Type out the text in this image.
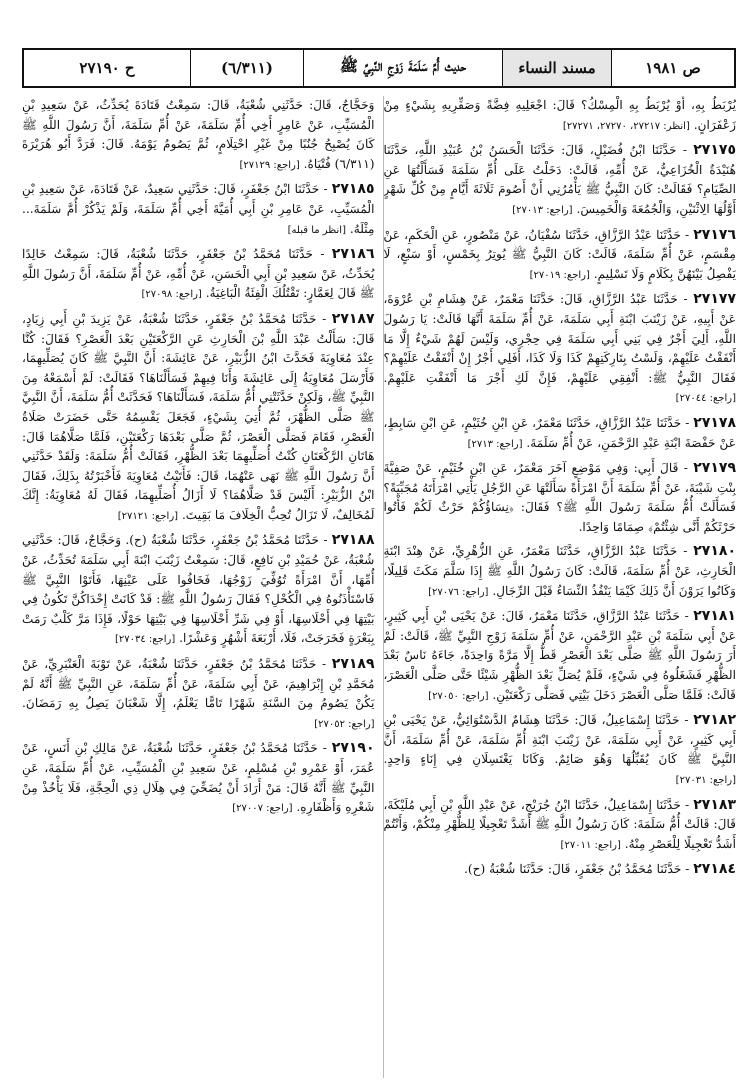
ص ١٩٨١
مسند النساء
حديث أُمِّ سَلَمَةَ زَوْجِ النَّبِيِّ ﷺ
(٦/٣١١)
ح ٢٧١٩٠

يُرْبَطُ بِهِ، أَوْ يُرْبَطُ بِهِ الْمِسْكُ؟ قَالَ: اجْعَلِيهِ فِضَّةً وَصَفِّرِيهِ بِشَيْءٍ مِنْ زَعْفَرَانٍ. [انظر: ٢٧٢١٧، ٢٧٢٧٠، ٢٧٢٧١]

٢٧١٧٥ - حَدَّثَنَا ابْنُ فُضَيْلٍ، قَالَ: حَدَّثَنَا الْحَسَنُ بْنُ عُبَيْدِ اللَّهِ، حَدَّثَنَا هُنَيْدَةُ الْخُزَاعِيُّ، عَنْ أُمِّهِ، قَالَتْ: دَخَلْتُ عَلَى أُمِّ سَلَمَةَ فَسَأَلْتُهَا عَنِ الصِّيَامِ؟ فَقَالَتْ: كَانَ النَّبِيُّ ﷺ يَأْمُرُنِي أَنْ أَصُومَ ثَلَاثَةَ أَيَّامٍ مِنْ كُلِّ شَهْرٍ أَوَّلُهَا الِاثْنَيْنِ، وَالْجُمُعَةَ وَالْخَمِيسَ. [راجع: ٢٧٠١٣]

٢٧١٧٦ - حَدَّثَنَا عَبْدُ الرَّزَّاقِ، حَدَّثَنَا سُفْيَانُ، عَنْ مَنْصُورٍ، عَنِ الْحَكَمِ، عَنْ مِقْسَمٍ، عَنْ أُمِّ سَلَمَةَ، قَالَتْ: كَانَ النَّبِيُّ ﷺ يُوتِرُ بِخَمْسٍ، أَوْ سَبْعٍ، لَا يَفْصِلُ بَيْنَهُنَّ بِكَلَامٍ وَلَا تَسْلِيمٍ. [راجع: ٢٧٠١٩]

٢٧١٧٧ - حَدَّثَنَا عَبْدُ الرَّزَّاقِ، قَالَ: حَدَّثَنَا مَعْمَرٌ، عَنْ هِشَامِ بْنِ عُرْوَةَ، عَنْ أَبِيهِ، عَنْ زَيْنَبَ ابْنَةِ أَبِي سَلَمَةَ، عَنْ أُمِّ سَلَمَةَ أَنَّهَا قَالَتْ: يَا رَسُولَ اللَّهِ، أَلِيَ أَجْرٌ فِي بَنِي أَبِي سَلَمَةَ فِي حِجْرِي، وَلَيْسَ لَهُمْ شَيْءٌ إِلَّا مَا أَنْفَقْتُ عَلَيْهِمْ، وَلَسْتُ بِتَارِكَتِهِمْ كَذَا وَلَا كَذَا، أَفَلِي أَجْرٌ إِنْ أَنْفَقْتُ عَلَيْهِمْ؟ فَقَالَ النَّبِيُّ ﷺ: أَنْفِقِي عَلَيْهِمْ، فَإِنَّ لَكِ أَجْرَ مَا أَنْفَقْتِ عَلَيْهِمْ. [راجع: ٢٧٠٤٤]

٢٧١٧٨ - حَدَّثَنَا عَبْدُ الرَّزَّاقِ، حَدَّثَنَا مَعْمَرٌ، عَنِ ابْنِ خُثَيْمٍ، عَنِ ابْنِ سَابِطٍ، عَنْ حَفْصَةَ ابْنَةِ عَبْدِ الرَّحْمَنِ، عَنْ أُمِّ سَلَمَةَ. [راجع: ٢٧١٣]

٢٧١٧٩ - قَالَ أَبِي: وَفِي مَوْضِعٍ آخَرَ مَعْمَرٌ، عَنِ ابْنِ خُثَيْمٍ، عَنْ صَفِيَّةَ بِنْتِ شَيْبَةَ، عَنْ أُمِّ سَلَمَةَ أَنَّ امْرَأَةً سَأَلَتْهَا عَنِ الرَّجُلِ يَأْتِي امْرَأَتَهُ مُجَبِّيَةً؟ فَسَأَلَتْ أُمُّ سَلَمَةَ رَسُولَ اللَّهِ ﷺ؟ فَقَالَ: ﴿نِسَاؤُكُمْ حَرْثٌ لَكُمْ فَأْتُوا حَرْثَكُمْ أَنَّى شِئْتُمْ﴾ صِمَامًا وَاحِدًا.

٢٧١٨٠ - حَدَّثَنَا عَبْدُ الرَّزَّاقِ، حَدَّثَنَا مَعْمَرٌ، عَنِ الزُّهْرِيِّ، عَنْ هِنْدَ ابْنَةِ الْحَارِثِ، عَنْ أُمِّ سَلَمَةَ، قَالَتْ: كَانَ رَسُولُ اللَّهِ ﷺ إِذَا سَلَّمَ مَكَثَ قَلِيلًا، وَكَانُوا يَرَوْنَ أَنَّ ذَلِكَ كَيْمَا يَنْفُذُ النِّسَاءُ قَبْلَ الرِّجَالِ. [راجع: ٢٧٠٧٦]

٢٧١٨١ - حَدَّثَنَا عَبْدُ الرَّزَّاقِ، حَدَّثَنَا مَعْمَرٌ، قَالَ: عَنْ يَحْيَى بْنِ أَبِي كَثِيرٍ، عَنْ أَبِي سَلَمَةَ بْنِ عَبْدِ الرَّحْمَنِ، عَنْ أُمِّ سَلَمَةَ زَوْجِ النَّبِيِّ ﷺ، قَالَتْ: لَمْ أَرَ رَسُولَ اللَّهِ ﷺ صَلَّى بَعْدَ الْعَصْرِ قَطُّ إِلَّا مَرَّةً وَاحِدَةً، جَاءَهُ نَاسٌ بَعْدَ الظُّهْرِ فَشَغَلُوهُ فِي شَيْءٍ، فَلَمْ يُصَلِّ بَعْدَ الظُّهْرِ شَيْئًا حَتَّى صَلَّى الْعَصْرَ، قَالَتْ: فَلَمَّا صَلَّى الْعَصْرَ دَخَلَ بَيْتِي فَصَلَّى رَكْعَتَيْنِ. [راجع: ٢٧٠٥٠]

٢٧١٨٢ - حَدَّثَنَا إِسْمَاعِيلُ، قَالَ: حَدَّثَنَا هِشَامٌ الدَّسْتُوَائِيُّ، عَنْ يَحْيَى بْنِ أَبِي كَثِيرٍ، عَنْ أَبِي سَلَمَةَ، عَنْ زَيْنَبَ ابْنَةِ أُمِّ سَلَمَةَ، عَنْ أُمِّ سَلَمَةَ، أَنَّ النَّبِيَّ ﷺ كَانَ يُقَبِّلُهَا وَهُوَ صَائِمٌ. وَكَانَا يَغْتَسِلَانِ فِي إِنَاءٍ وَاحِدٍ. [راجع: ٢٧٠٣١]

٢٧١٨٣ - حَدَّثَنَا إِسْمَاعِيلُ، حَدَّثَنَا ابْنُ جُرَيْجٍ، عَنْ عَبْدِ اللَّهِ بْنِ أَبِي مُلَيْكَةَ، قَالَ: قَالَتْ أُمُّ سَلَمَةَ: كَانَ رَسُولُ اللَّهِ ﷺ أَشَدَّ تَعْجِيلًا لِلظُّهْرِ مِنْكُمْ، وَأَنْتُمْ أَشَدُّ تَعْجِيلًا لِلْعَصْرِ مِنْهُ. [راجع: ٢٧٠١١]

٢٧١٨٤ - حَدَّثَنَا مُحَمَّدُ بْنُ جَعْفَرٍ، قَالَ: حَدَّثَنَا شُعْبَةُ (ح).

وَحَجَّاجٌ، قَالَ: حَدَّثَنِي شُعْبَةُ، قَالَ: سَمِعْتُ قَتَادَةَ يُحَدِّثُ، عَنْ سَعِيدِ بْنِ الْمُسَيِّبِ، عَنْ عَامِرٍ أَخِي أُمِّ سَلَمَةَ، عَنْ أُمِّ سَلَمَةَ، أَنَّ رَسُولَ اللَّهِ ﷺ كَانَ يُصْبِحُ جُنُبًا مِنْ غَيْرِ احْتِلَامٍ، ثُمَّ يَصُومُ يَوْمَهُ. قَالَ: فَرَدَّ أَبُو هُرَيْرَةَ (٦/٣١١) فُتْيَاهُ. [راجع: ٢٧١٢٩]

٢٧١٨٥ - حَدَّثَنَا ابْنُ جَعْفَرٍ، قَالَ: حَدَّثَنِي سَعِيدٌ، عَنْ قَتَادَةَ، عَنْ سَعِيدِ بْنِ الْمُسَيِّبِ، عَنْ عَامِرِ بْنِ أَبِي أُمَيَّةَ أَخِي أُمِّ سَلَمَةَ، وَلَمْ يَذْكُرْ أُمَّ سَلَمَةَ... مِثْلَهُ. [انظر ما قبله]

٢٧١٨٦ - حَدَّثَنَا مُحَمَّدُ بْنُ جَعْفَرٍ، حَدَّثَنَا شُعْبَةُ، قَالَ: سَمِعْتُ خَالِدًا يُحَدِّثُ، عَنْ سَعِيدِ بْنِ أَبِي الْحَسَنِ، عَنْ أُمِّهِ، عَنْ أُمِّ سَلَمَةَ، أَنَّ رَسُولَ اللَّهِ ﷺ قَالَ لِعَمَّارٍ: تَقْتُلُكَ الْفِئَةُ الْبَاغِيَةُ. [راجع: ٢٧٠٩٨]

٢٧١٨٧ - حَدَّثَنَا مُحَمَّدُ بْنُ جَعْفَرٍ، حَدَّثَنَا شُعْبَةُ، عَنْ يَزِيدَ بْنِ أَبِي زِيَادٍ، قَالَ: سَأَلْتُ عَبْدَ اللَّهِ بْنَ الْحَارِثِ عَنِ الرَّكْعَتَيْنِ بَعْدَ الْعَصْرِ؟ فَقَالَ: كُنَّا عِنْدَ مُعَاوِيَةَ فَحَدَّثَ ابْنُ الزُّبَيْرِ، عَنْ عَائِشَةَ: أَنَّ النَّبِيَّ ﷺ كَانَ يُصَلِّيهِمَا، فَأَرْسَلَ مُعَاوِيَةُ إِلَى عَائِشَةَ وَأَنَا فِيهِمْ فَسَأَلْنَاهَا؟ فَقَالَتْ: لَمْ أَسْمَعْهُ مِنَ النَّبِيِّ ﷺ، وَلَكِنْ حَدَّثَتْنِي أُمُّ سَلَمَةَ، فَسَأَلْنَاهَا؟ فَحَدَّثَتْ أُمُّ سَلَمَةَ، أَنَّ النَّبِيَّ ﷺ صَلَّى الظُّهْرَ، ثُمَّ أُتِيَ بِشَيْءٍ، فَجَعَلَ يَقْسِمُهُ حَتَّى حَضَرَتْ صَلَاةُ الْعَصْرِ، فَقَامَ فَصَلَّى الْعَصْرَ، ثُمَّ صَلَّى بَعْدَهَا رَكْعَتَيْنِ، فَلَمَّا صَلَّاهُمَا قَالَ: هَاتَانِ الرَّكْعَتَانِ كُنْتُ أُصَلِّيهِمَا بَعْدَ الظُّهْرِ، فَقَالَتْ أُمُّ سَلَمَةَ: وَلَقَدْ حَدَّثَنِي أَنَّ رَسُولَ اللَّهِ ﷺ نَهَى عَنْهُمَا، قَالَ: فَأَتَيْتُ مُعَاوِيَةَ فَأَخْبَرْتُهُ بِذَلِكَ، فَقَالَ ابْنُ الزُّبَيْرِ: أَلَيْسَ قَدْ صَلَّاهُمَا؟ لَا أَزَالُ أُصَلِّيهِمَا، فَقَالَ لَهُ مُعَاوِيَةُ: إِنَّكَ لَمُخَالِفٌ، لَا تَزَالُ تُحِبُّ الْخِلَافَ مَا بَقِيتَ. [راجع: ٢٧١٢١]

٢٧١٨٨ - حَدَّثَنَا مُحَمَّدُ بْنُ جَعْفَرٍ، حَدَّثَنَا شُعْبَةُ (ح). وَحَجَّاجٌ، قَالَ: حَدَّثَنِي شُعْبَةُ، عَنْ حُمَيْدِ بْنِ نَافِعٍ، قَالَ: سَمِعْتُ زَيْنَبَ ابْنَةَ أَبِي سَلَمَةَ تُحَدِّثُ، عَنْ أُمِّهَا، أَنَّ امْرَأَةً تُوُفِّيَ زَوْجُهَا، فَخَافُوا عَلَى عَيْنِهَا، فَأَتَوْا النَّبِيَّ ﷺ فَاسْتَأْذَنُوهُ فِي الْكُحْلِ؟ فَقَالَ رَسُولُ اللَّهِ ﷺ: قَدْ كَانَتْ إِحْدَاكُنَّ تَكُونُ فِي بَيْتِهَا فِي أَحْلَاسِهَا، أَوْ فِي شَرِّ أَحْلَاسِهَا فِي بَيْتِهَا حَوْلًا، فَإِذَا مَرَّ كَلْبٌ رَمَتْ بِبَعْرَةٍ فَخَرَجَتْ، فَلَا، أَرْبَعَةَ أَشْهُرٍ وَعَشْرًا. [راجع: ٢٧٠٣٤]

٢٧١٨٩ - حَدَّثَنَا مُحَمَّدُ بْنُ جَعْفَرٍ، حَدَّثَنَا شُعْبَةُ، عَنْ تَوْبَةَ الْعَنْبَرِيِّ، عَنْ مُحَمَّدِ بْنِ إِبْرَاهِيمَ، عَنْ أَبِي سَلَمَةَ، عَنْ أُمِّ سَلَمَةَ، عَنِ النَّبِيِّ ﷺ أَنَّهُ لَمْ يَكُنْ يَصُومُ مِنَ السَّنَةِ شَهْرًا تَامًّا يَعْلَمُ، إِلَّا شَعْبَانَ يَصِلُ بِهِ رَمَضَانَ. [راجع: ٢٧٠٥٢]

٢٧١٩٠ - حَدَّثَنَا مُحَمَّدُ بْنُ جَعْفَرٍ، حَدَّثَنَا شُعْبَةُ، عَنْ مَالِكِ بْنِ أَنَسٍ، عَنْ عُمَرَ، أَوْ عَمْرِو بْنِ مُسْلِمٍ، عَنْ سَعِيدِ بْنِ الْمُسَيِّبِ، عَنْ أُمِّ سَلَمَةَ، عَنِ النَّبِيِّ ﷺ أَنَّهُ قَالَ: مَنْ أَرَادَ أَنْ يُضَحِّيَ فِي هِلَالِ ذِي الْحِجَّةِ، فَلَا يَأْخُذْ مِنْ شَعْرِهِ وَأَظْفَارِهِ. [راجع: ٢٧٠٠٧]
